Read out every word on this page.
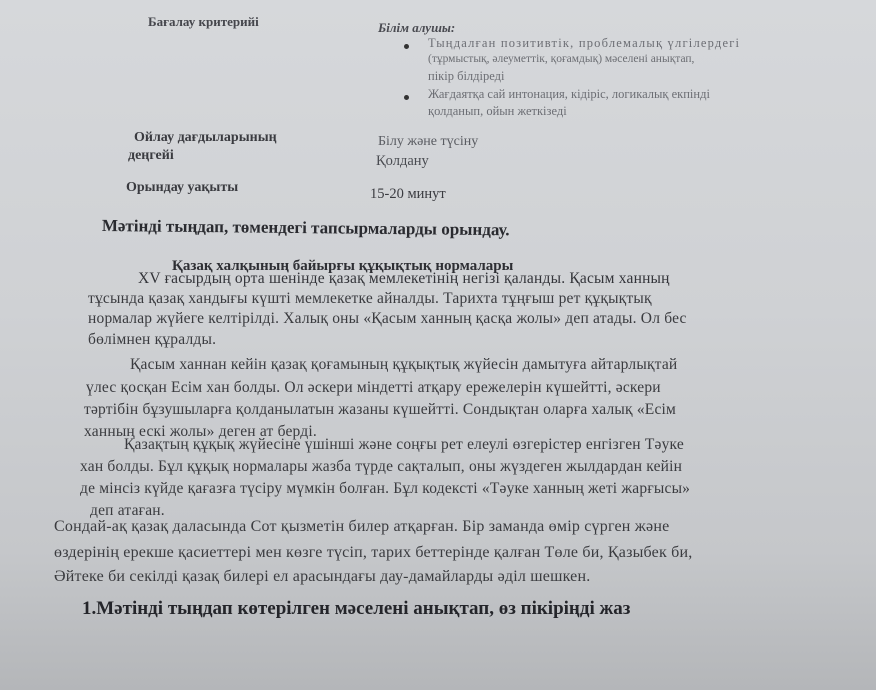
Бағалау критерийі	Білім алушы:
Тыңдалған позитивтік, проблемалық үлгілердегі
(тұрмыстық, әлеуметтік, қоғамдық) мәселені анықтап,
пікір білдіреді
Жағдаятқа сай интонация, кідіріс, логикалық екпінді
қолданып, ойын жеткізеді
Ойлау дағдыларының
деңгейі
Білу және түсіну
Қолдану
Орындау уақыты	15-20 минут
Мәтінді тыңдап, төмендегі тапсырмаларды орындау.
Қазақ халқының байырғы құқықтық нормалары
XV ғасырдың орта шенінде қазақ мемлекетінің негізі қаланды. Қасым ханның
тұсында қазақ хандығы күшті мемлекетке айналды. Тарихта тұңғыш рет құқықтық
нормалар жүйеге келтірілді. Халық оны «Қасым ханның қасқа жолы» деп атады. Ол бес
бөлімнен құралды.
Қасым ханнан кейін қазақ қоғамының құқықтық жүйесін дамытуға айтарлықтай
үлес қосқан Есім хан болды. Ол әскери міндетті атқару ережелерін күшейтті, әскери
тәртібін бұзушыларға қолданылатын жазаны күшейтті. Сондықтан оларға халық «Есім
ханның ескі жолы» деген ат берді.
Қазақтың құқық жүйесіне үшінші және соңғы рет елеулі өзгерістер енгізген Тәуке
хан болды. Бұл құқық нормалары жазба түрде сақталып, оны жүздеген жылдардан кейін
де мінсіз күйде қағазға түсіру мүмкін болған. Бұл кодексті «Тәуке ханның жеті жарғысы»
деп атаған.
Сондай-ақ қазақ даласында Сот қызметін билер атқарған. Бір заманда өмір сүрген және
өздерінің ерекше қасиеттері мен көзге түсіп, тарих беттерінде қалған Төле би, Қазыбек би,
Әйтеке би секілді қазақ билері ел арасындағы дау-дамайларды әділ шешкен.
1.Мәтінді тыңдап көтерілген мәселені анықтап, өз пікіріңді жаз
